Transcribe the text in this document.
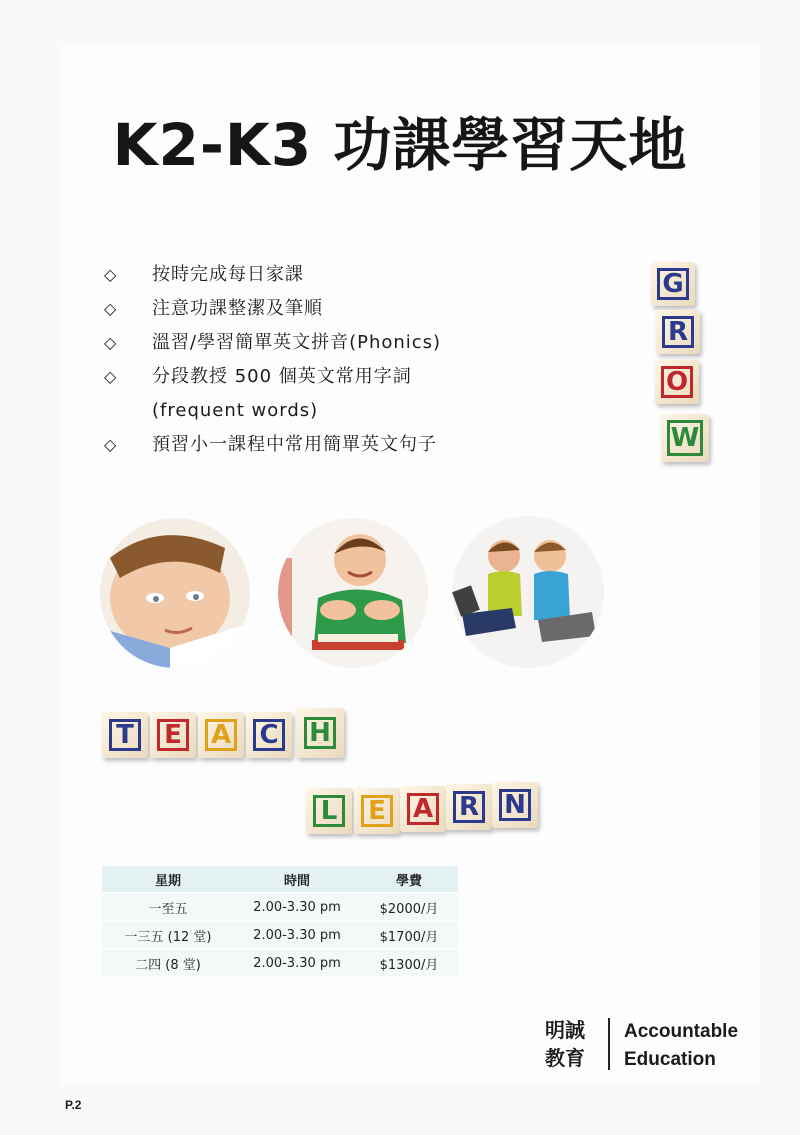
K2-K3 功課學習天地
◇ 按時完成每日家課
◇ 注意功課整潔及筆順
◇ 溫習/學習簡單英文拼音(Phonics)
◇ 分段教授 500 個英文常用字詞
(frequent words)
◇ 預習小一課程中常用簡單英文句子
G
R
O
W
T E A C H
L E A R N
星期	時間	學費
一至五	2.00-3.30 pm	$2000/月
一三五 (12 堂)	2.00-3.30 pm	$1700/月
二四 (8 堂)	2.00-3.30 pm	$1300/月
明誠
教育
Accountable
Education
P.2
